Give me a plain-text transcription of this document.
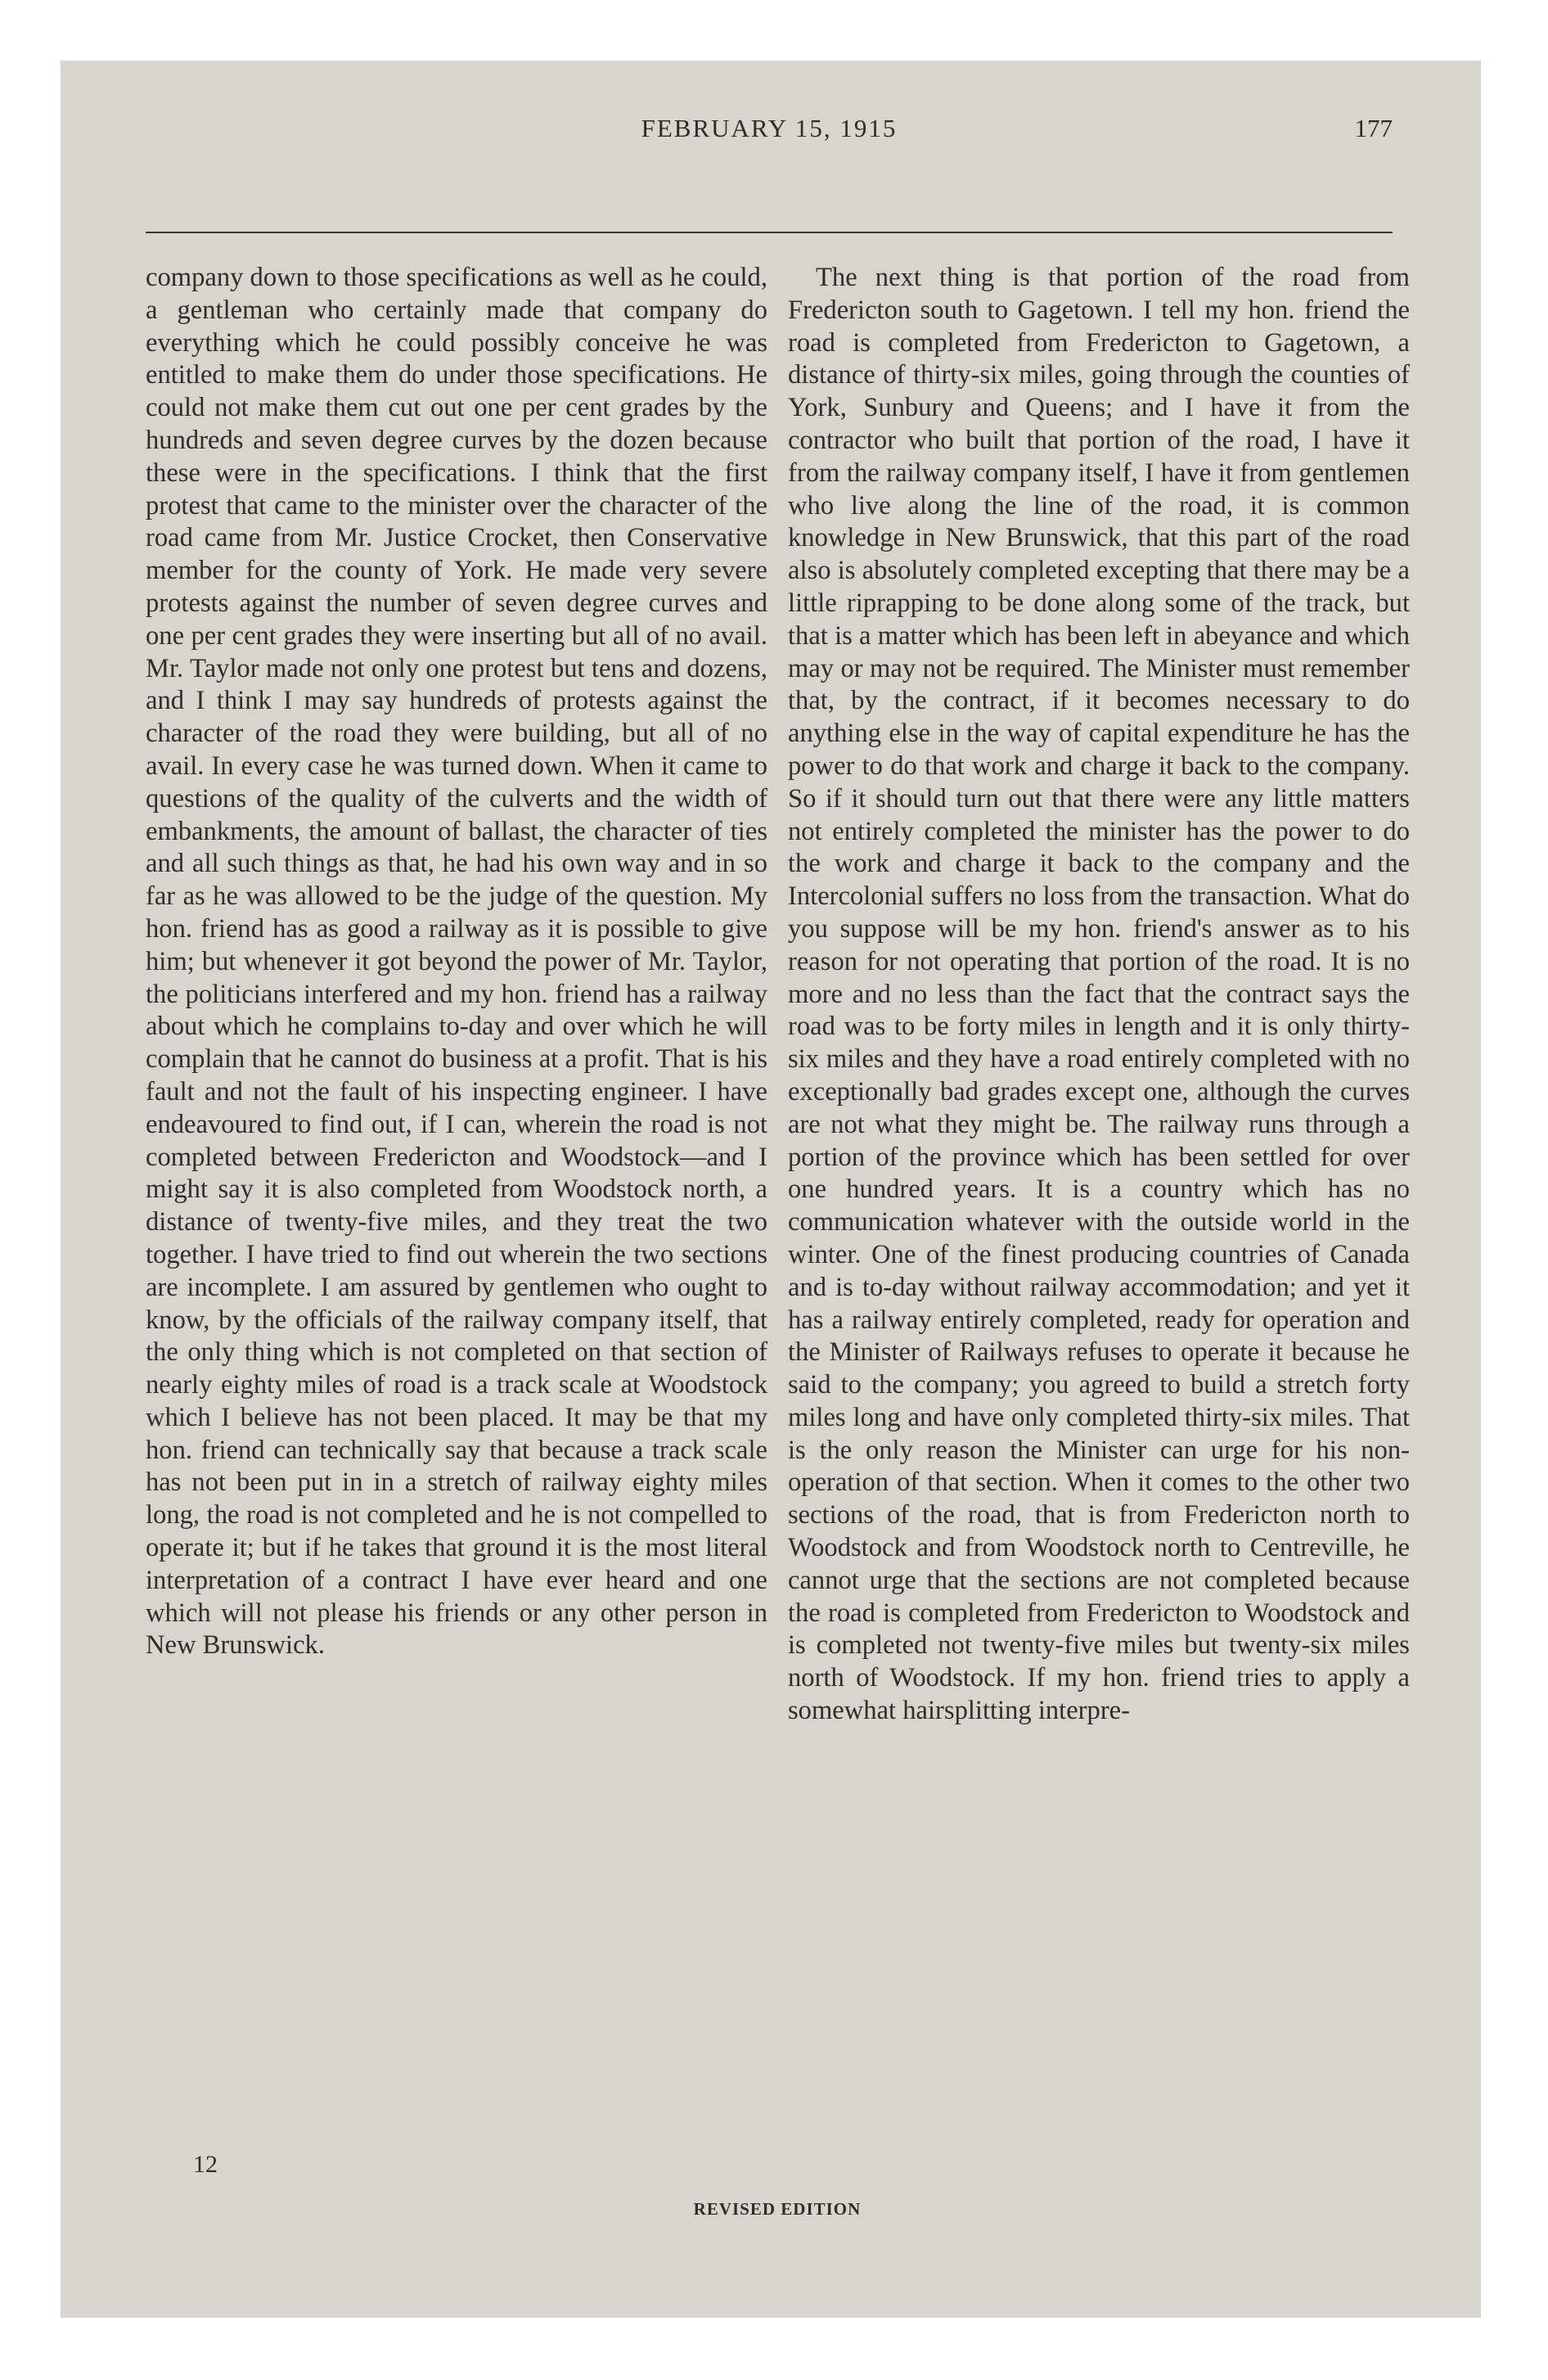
FEBRUARY 15, 1915	177

company down to those specifications as well as he could, a gentleman who certainly made that company do everything which he could possibly conceive he was entitled to make them do under those specifications. He could not make them cut out one per cent grades by the hundreds and seven degree curves by the dozen because these were in the specifications. I think that the first protest that came to the minister over the character of the road came from Mr. Justice Crocket, then Conservative member for the county of York. He made very severe protests against the number of seven degree curves and one per cent grades they were inserting but all of no avail. Mr. Taylor made not only one protest but tens and dozens, and I think I may say hundreds of protests against the character of the road they were building, but all of no avail. In every case he was turned down. When it came to questions of the quality of the culverts and the width of embankments, the amount of ballast, the character of ties and all such things as that, he had his own way and in so far as he was allowed to be the judge of the question. My hon. friend has as good a railway as it is possible to give him; but whenever it got beyond the power of Mr. Taylor, the politicians interfered and my hon. friend has a railway about which he complains to-day and over which he will complain that he cannot do business at a profit. That is his fault and not the fault of his inspecting engineer. I have endeavoured to find out, if I can, wherein the road is not completed between Fredericton and Woodstock—and I might say it is also completed from Woodstock north, a distance of twenty-five miles, and they treat the two together. I have tried to find out wherein the two sections are incomplete. I am assured by gentlemen who ought to know, by the officials of the railway company itself, that the only thing which is not completed on that section of nearly eighty miles of road is a track scale at Woodstock which I believe has not been placed. It may be that my hon. friend can technically say that because a track scale has not been put in in a stretch of railway eighty miles long, the road is not completed and he is not compelled to operate it; but if he takes that ground it is the most literal interpretation of a contract I have ever heard and one which will not please his friends or any other person in New Brunswick.

The next thing is that portion of the road from Fredericton south to Gagetown. I tell my hon. friend the road is completed from Fredericton to Gagetown, a distance of thirty-six miles, going through the counties of York, Sunbury and Queens; and I have it from the contractor who built that portion of the road, I have it from the railway company itself, I have it from gentlemen who live along the line of the road, it is common knowledge in New Brunswick, that this part of the road also is absolutely completed excepting that there may be a little riprapping to be done along some of the track, but that is a matter which has been left in abeyance and which may or may not be required. The Minister must remember that, by the contract, if it becomes necessary to do anything else in the way of capital expenditure he has the power to do that work and charge it back to the company. So if it should turn out that there were any little matters not entirely completed the minister has the power to do the work and charge it back to the company and the Intercolonial suffers no loss from the transaction. What do you suppose will be my hon. friend's answer as to his reason for not operating that portion of the road. It is no more and no less than the fact that the contract says the road was to be forty miles in length and it is only thirty-six miles and they have a road entirely completed with no exceptionally bad grades except one, although the curves are not what they might be. The railway runs through a portion of the province which has been settled for over one hundred years. It is a country which has no communication whatever with the outside world in the winter. One of the finest producing countries of Canada and is to-day without railway accommodation; and yet it has a railway entirely completed, ready for operation and the Minister of Railways refuses to operate it because he said to the company; you agreed to build a stretch forty miles long and have only completed thirty-six miles. That is the only reason the Minister can urge for his non-operation of that section. When it comes to the other two sections of the road, that is from Fredericton north to Woodstock and from Woodstock north to Centreville, he cannot urge that the sections are not completed because the road is completed from Fredericton to Woodstock and is completed not twenty-five miles but twenty-six miles north of Woodstock. If my hon. friend tries to apply a somewhat hairsplitting interpre-

12
REVISED EDITION
